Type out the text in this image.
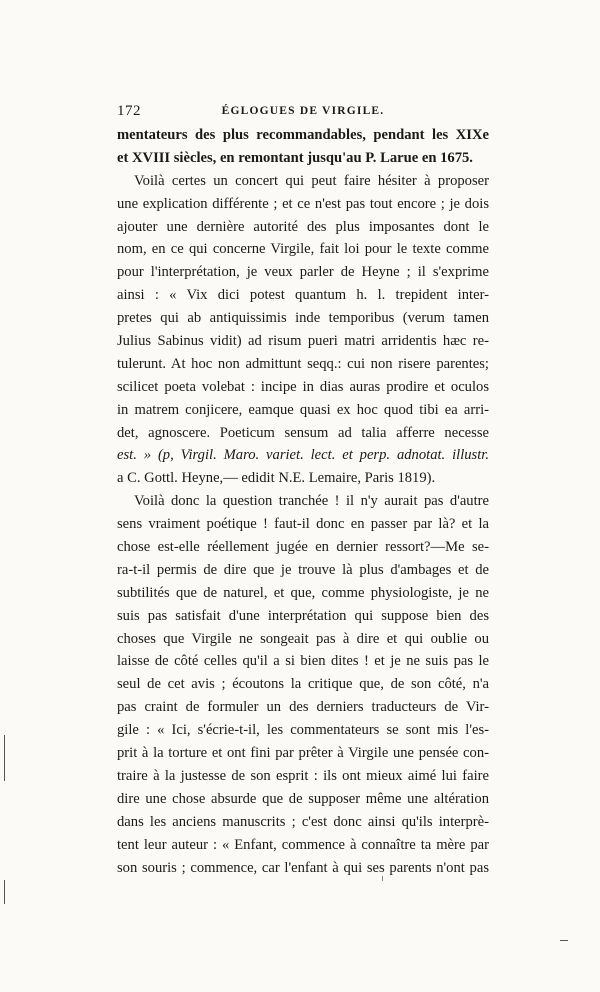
172	ÉGLOGUES DE VIRGILE.
mentateurs des plus recommandables, pendant les XIXe
et XVIII siècles, en remontant jusqu'au P. Larue en 1675.
Voilà certes un concert qui peut faire hésiter à proposer
une explication différente ; et ce n'est pas tout encore ; je dois
ajouter une dernière autorité des plus imposantes dont le
nom, en ce qui concerne Virgile, fait loi pour le texte comme
pour l'interprétation, je veux parler de Heyne ; il s'exprime
ainsi : « Vix dici potest quantum h. l. trepident inter-
pretes qui ab antiquissimis inde temporibus (verum tamen
Julius Sabinus vidit) ad risum pueri matri arridentis hæc re-
tulerunt. At hoc non admittunt seqq.: cui non risere parentes;
scilicet poeta volebat : incipe in dias auras prodire et oculos
in matrem conjicere, eamque quasi ex hoc quod tibi ea arri-
det, agnoscere. Poeticum sensum ad talia afferre necesse
est. » (p, Virgil. Maro. variet. lect. et perp. adnotat. illustr.
a C. Gottl. Heyne,— edidit N.E. Lemaire, Paris 1819).
Voilà donc la question tranchée ! il n'y aurait pas d'autre
sens vraiment poétique ! faut-il donc en passer par là? et la
chose est-elle réellement jugée en dernier ressort?—Me se-
ra-t-il permis de dire que je trouve là plus d'ambages et de
subtilités que de naturel, et que, comme physiologiste, je ne
suis pas satisfait d'une interprétation qui suppose bien des
choses que Virgile ne songeait pas à dire et qui oublie ou
laisse de côté celles qu'il a si bien dites ! et je ne suis pas le
seul de cet avis ; écoutons la critique que, de son côté, n'a
pas craint de formuler un des derniers traducteurs de Vir-
gile : « Ici, s'écrie-t-il, les commentateurs se sont mis l'es-
prit à la torture et ont fini par prêter à Virgile une pensée con-
traire à la justesse de son esprit : ils ont mieux aimé lui faire
dire une chose absurde que de supposer même une altération
dans les anciens manuscrits ; c'est donc ainsi qu'ils interprè-
tent leur auteur : « Enfant, commence à connaître ta mère par
son souris ; commence, car l'enfant à qui ses parents n'ont pas
